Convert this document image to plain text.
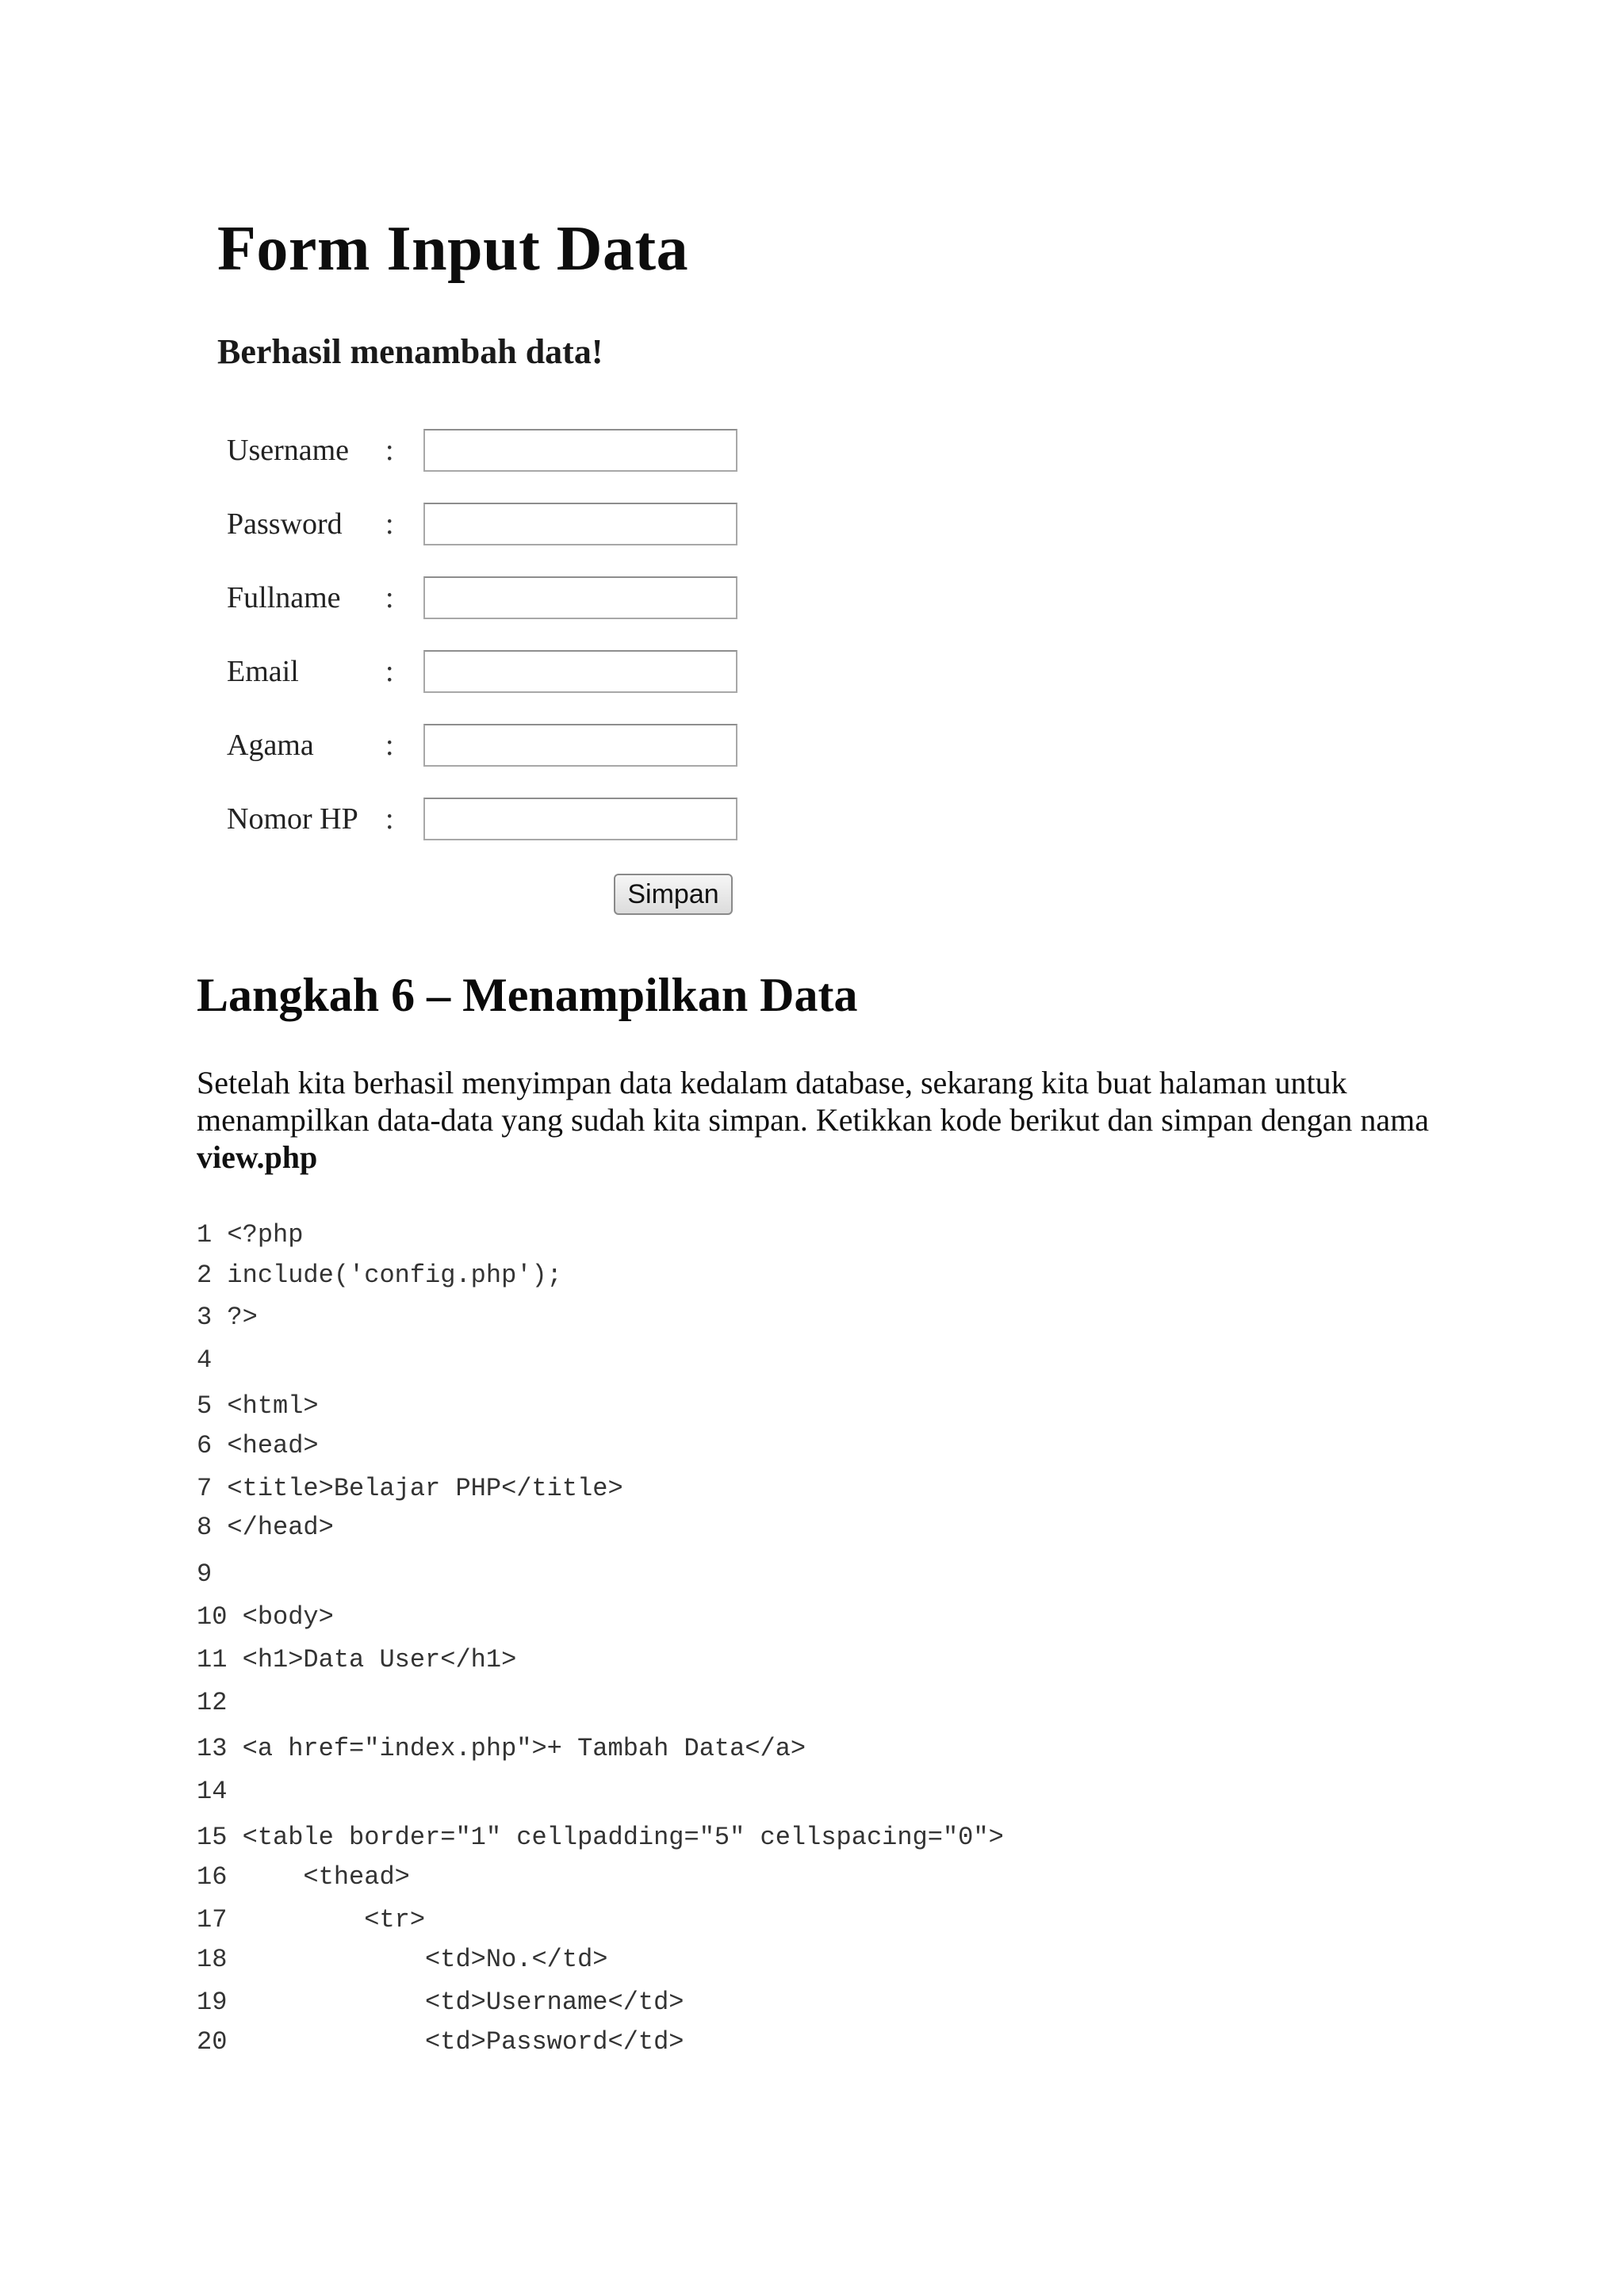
Form Input Data
Berhasil menambah data!
Username	:
Password	:
Fullname	:
Email	:
Agama	:
Nomor HP :
Simpan
Langkah 6 – Menampilkan Data

Setelah kita berhasil menyimpan data kedalam database, sekarang kita buat halaman untuk menampilkan data-data yang sudah kita simpan. Ketikkan kode berikut dan simpan dengan nama view.php

1 <?php
2 include('config.php');
3 ?>
4
5 <html>
6 <head>
7 <title>Belajar PHP</title>
8 </head>
9
10 <body>
11 <h1>Data User</h1>
12
13 <a href="index.php">+ Tambah Data</a>
14
15 <table border="1" cellpadding="5" cellspacing="0">
16     <thead>
17         <tr>
18             <td>No.</td>
19             <td>Username</td>
20             <td>Password</td>
